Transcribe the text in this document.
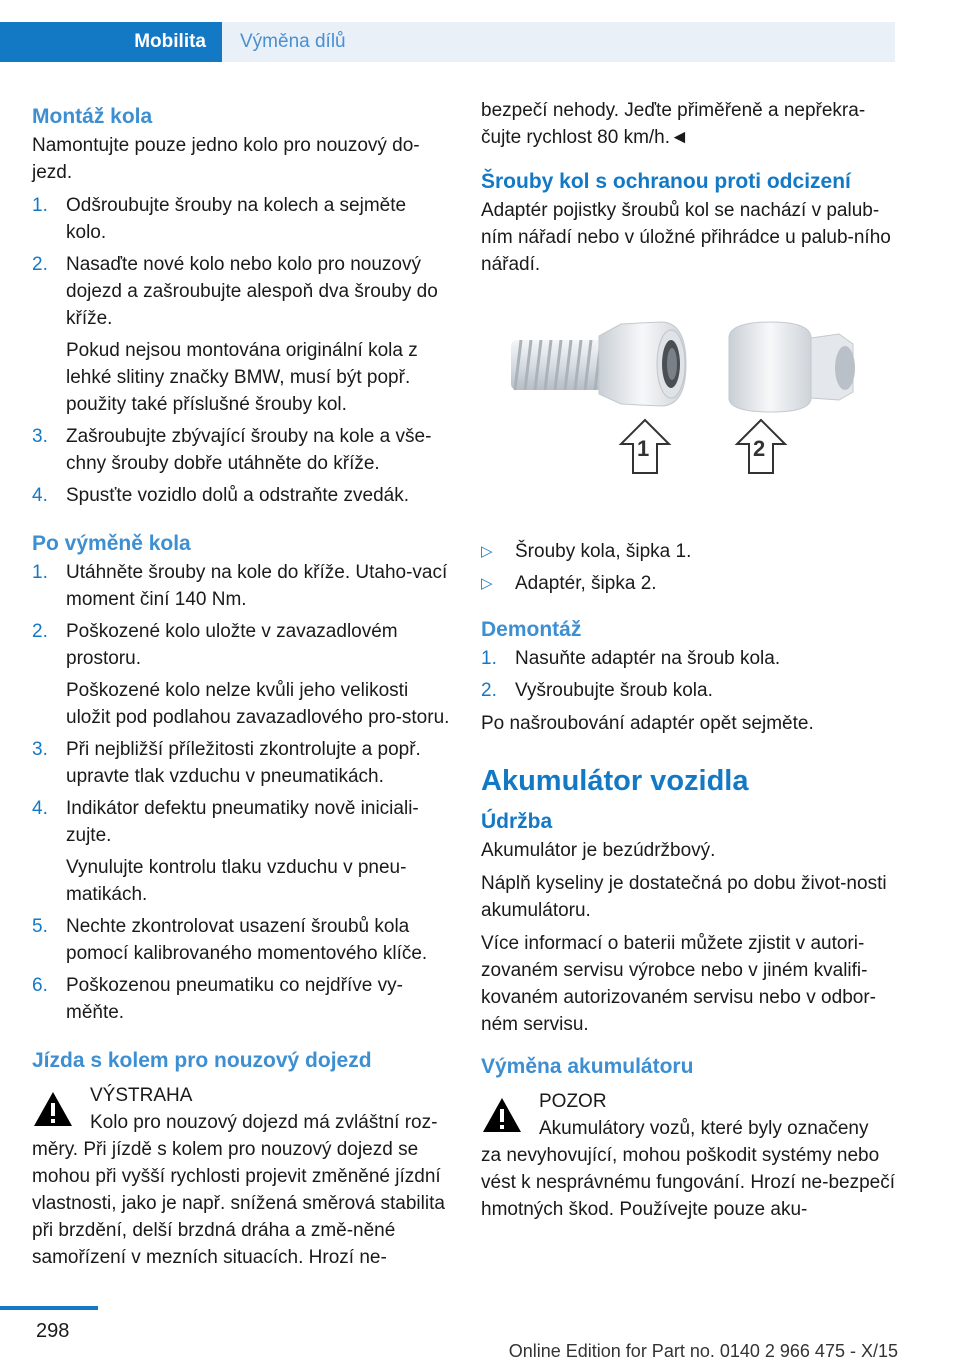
Mobilita	Výměna dílů
Montáž kola

Namontujte pouze jedno kolo pro nouzový do-jezd.

1. Odšroubujte šrouby na kolech a sejměte kolo.
2. Nasaďte nové kolo nebo kolo pro nouzový dojezd a zašroubujte alespoň dva šrouby do kříže.
Pokud nejsou montována originální kola z lehké slitiny značky BMW, musí být popř. použity také příslušné šrouby kol.
3. Zašroubujte zbývající šrouby na kole a vše-chny šrouby dobře utáhněte do kříže.
4. Spusťte vozidlo dolů a odstraňte zvedák.
Po výměně kola
1. Utáhněte šrouby na kole do kříže. Utaho-vací moment činí 140 Nm.
2. Poškozené kolo uložte v zavazadlovém prostoru.
Poškozené kolo nelze kvůli jeho velikosti uložit pod podlahou zavazadlového pro-storu.
3. Při nejbližší příležitosti zkontrolujte a popř. upravte tlak vzduchu v pneumatikách.
4. Indikátor defektu pneumatiky nově iniciali-zujte.
Vynulujte kontrolu tlaku vzduchu v pneu-matikách.
5. Nechte zkontrolovat usazení šroubů kola pomocí kalibrovaného momentového klíče.
6. Poškozenou pneumatiku co nejdříve vy-měňte.
Jízda s kolem pro nouzový dojezd
VÝSTRAHA
Kolo pro nouzový dojezd má zvláštní roz-
měry. Při jízdě s kolem pro nouzový dojezd se mohou při vyšší rychlosti projevit změněné jízdní vlastnosti, jako je např. snížená směrová stabilita při brzdění, delší brzdná dráha a změ-něné samořízení v mezních situacích. Hrozí ne-

bezpečí nehody. Jeďte přiměřeně a nepřekra-čujte rychlost 80 km/h.◄

Šrouby kol s ochranou proti odcizení

Adaptér pojistky šroubů kol se nachází v palub-ním nářadí nebo v úložné přihrádce u palub-ního nářadí.

1	2
▷ Šrouby kola, šipka 1.
▷ Adaptér, šipka 2.
Demontáž
1. Nasuňte adaptér na šroub kola.
2. Vyšroubujte šroub kola.

Po našroubování adaptér opět sejměte.

Akumulátor vozidla
Údržba

Akumulátor je bezúdržbový.

Náplň kyseliny je dostatečná po dobu život-nosti akumulátoru.

Více informací o baterii můžete zjistit v autori-zovaném servisu výrobce nebo v jiném kvalifi-kovaném autorizovaném servisu nebo v odbor-ném servisu.

Výměna akumulátoru
POZOR
Akumulátory vozů, které byly označeny
za nevyhovující, mohou poškodit systémy nebo vést k nesprávnému fungování. Hrozí ne-bezpečí hmotných škod. Používejte pouze aku-
298
Online Edition for Part no. 0140 2 966 475 - X/15
